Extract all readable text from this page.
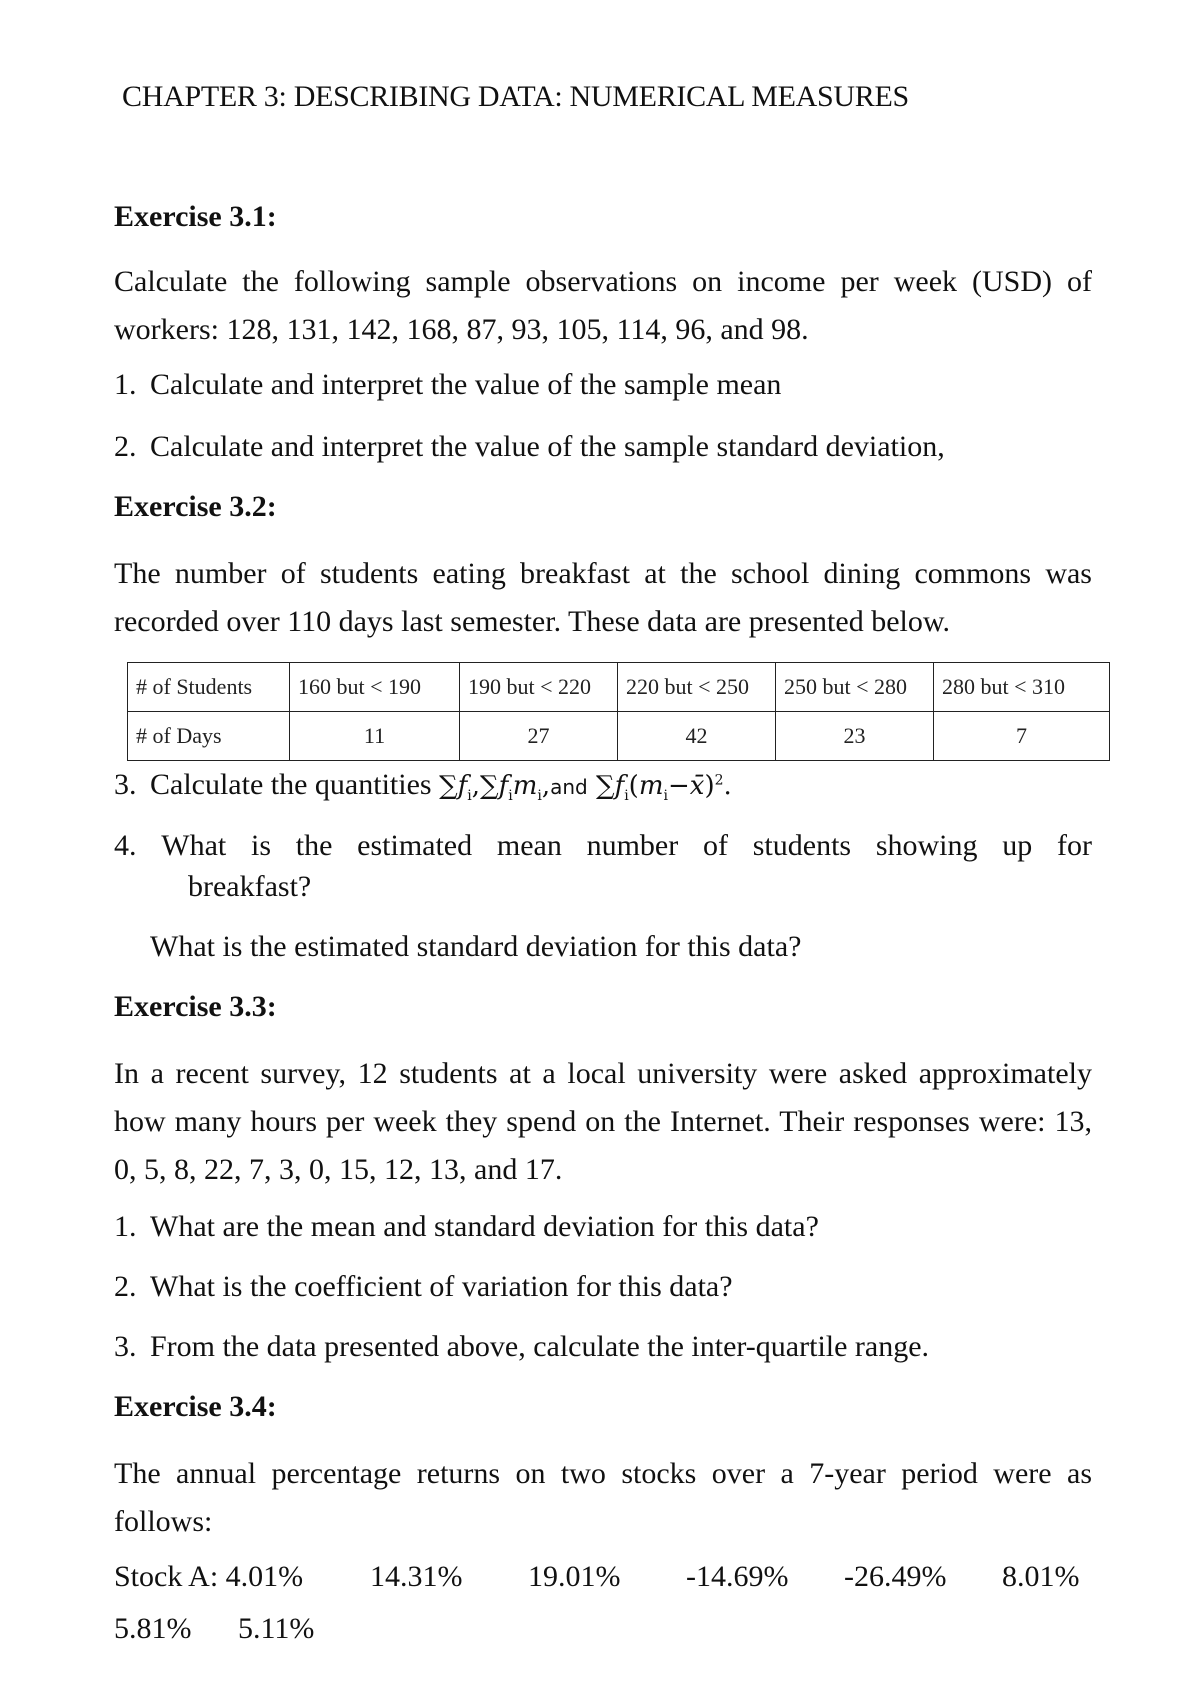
CHAPTER 3: DESCRIBING DATA: NUMERICAL MEASURES
Exercise 3.1:
Calculate the following sample observations on income per week (USD) of workers: 128, 131, 142, 168, 87, 93, 105, 114, 96, and 98.
1. Calculate and interpret the value of the sample mean
2. Calculate and interpret the value of the sample standard deviation,
Exercise 3.2:
The number of students eating breakfast at the school dining commons was recorded over 110 days last semester. These data are presented below.
# of Students	160 but < 190	190 but < 220	220 but < 250	250 but < 280	280 but < 310
# of Days	11	27	42	23	7
3. Calculate the quantities $\sum f_i,\sum f_im_i,and$ $\sum f_i(m_i-x̄)^2$.
4. What is the estimated mean number of students showing up for
breakfast?
What is the estimated standard deviation for this data?
Exercise 3.3:
In a recent survey, 12 students at a local university were asked approximately how many hours per week they spend on the Internet. Their responses were: 13, 0, 5, 8, 22, 7, 3, 0, 15, 12, 13, and 17.
1. What are the mean and standard deviation for this data?
2. What is the coefficient of variation for this data?
3. From the data presented above, calculate the inter-quartile range.
Exercise 3.4:
The annual percentage returns on two stocks over a 7-year period were as follows:
Stock A: 4.01% 14.31% 19.01% -14.69% -26.49% 8.01%
5.81% 5.11%
